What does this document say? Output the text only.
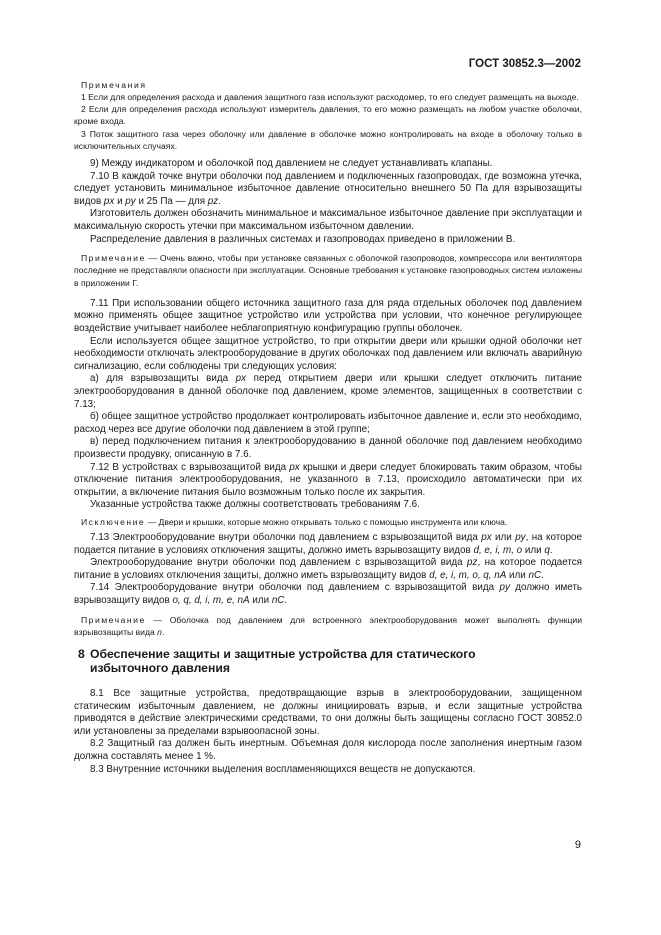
ГОСТ 30852.3—2002

Примечания

1 Если для определения расхода и давления защитного газа используют расходомер, то его следует размещать на выходе.

2 Если для определения расхода используют измеритель давления, то его можно размещать на любом участке оболочки, кроме входа.

3 Поток защитного газа через оболочку или давление в оболочке можно контролировать на входе в оболочку только в исключительных случаях.

9) Между индикатором и оболочкой под давлением не следует устанавливать клапаны.

7.10 В каждой точке внутри оболочки под давлением и подключенных газопроводах, где возможна утечка, следует установить минимальное избыточное давление относительно внешнего 50 Па для взрывозащиты видов px и py и 25 Па — для pz.

Изготовитель должен обозначить минимальное и максимальное избыточное давление при эксплуатации и максимальную скорость утечки при максимальном избыточном давлении.

Распределение давления в различных системах и газопроводах приведено в приложении В.

Примечание — Очень важно, чтобы при установке связанных с оболочкой газопроводов, компрессора или вентилятора последние не представляли опасности при эксплуатации. Основные требования к установке газопроводных систем изложены в приложении Г.

7.11 При использовании общего источника защитного газа для ряда отдельных оболочек под давлением можно применять общее защитное устройство или устройства при условии, что конечное регулирующее воздействие учитывает наиболее неблагоприятную конфигурацию группы оболочек.

Если используется общее защитное устройство, то при открытии двери или крышки одной оболочки нет необходимости отключать электрооборудование в других оболочках под давлением или включать аварийную сигнализацию, если соблюдены три следующих условия:

а) для взрывозащиты вида px перед открытием двери или крышки следует отключить питание электрооборудования в данной оболочке под давлением, кроме элементов, защищенных в соответствии с 7.13;

б) общее защитное устройство продолжает контролировать избыточное давление и, если это необходимо, расход через все другие оболочки под давлением в этой группе;

в) перед подключением питания к электрооборудованию в данной оболочке под давлением необходимо произвести продувку, описанную в 7.6.

7.12 В устройствах с взрывозащитой вида px крышки и двери следует блокировать таким образом, чтобы отключение питания электрооборудования, не указанного в 7.13, происходило автоматически при их открытии, а включение питания было возможным только после их закрытия.

Указанные устройства также должны соответствовать требованиям 7.6.

Исключение — Двери и крышки, которые можно открывать только с помощью инструмента или ключа.

7.13 Электрооборудование внутри оболочки под давлением с взрывозащитой вида px или py, на которое подается питание в условиях отключения защиты, должно иметь взрывозащиту видов d, e, i, m, o или q.

Электрооборудование внутри оболочки под давлением с взрывозащитой вида pz, на которое подается питание в условиях отключения защиты, должно иметь взрывозащиту видов d, e, i, m, o, q, nA или nC.

7.14 Электрооборудование внутри оболочки под давлением с взрывозащитой вида py должно иметь взрывозащиту видов o, q, d, i, m, e, nA или nC.

Примечание — Оболочка под давлением для встроенного электрооборудования может выполнять функции взрывозащиты вида n.

8 Обеспечение защиты и защитные устройства для статического
избыточного давления

8.1 Все защитные устройства, предотвращающие взрыв в электрооборудовании, защищенном статическим избыточным давлением, не должны инициировать взрыв, и если защитные устройства приводятся в действие электрическими средствами, то они должны быть защищены согласно ГОСТ 30852.0 или установлены за пределами взрывоопасной зоны.

8.2 Защитный газ должен быть инертным. Объемная доля кислорода после заполнения инертным газом должна составлять менее 1 %.

8.3 Внутренние источники выделения воспламеняющихся веществ не допускаются.

9
